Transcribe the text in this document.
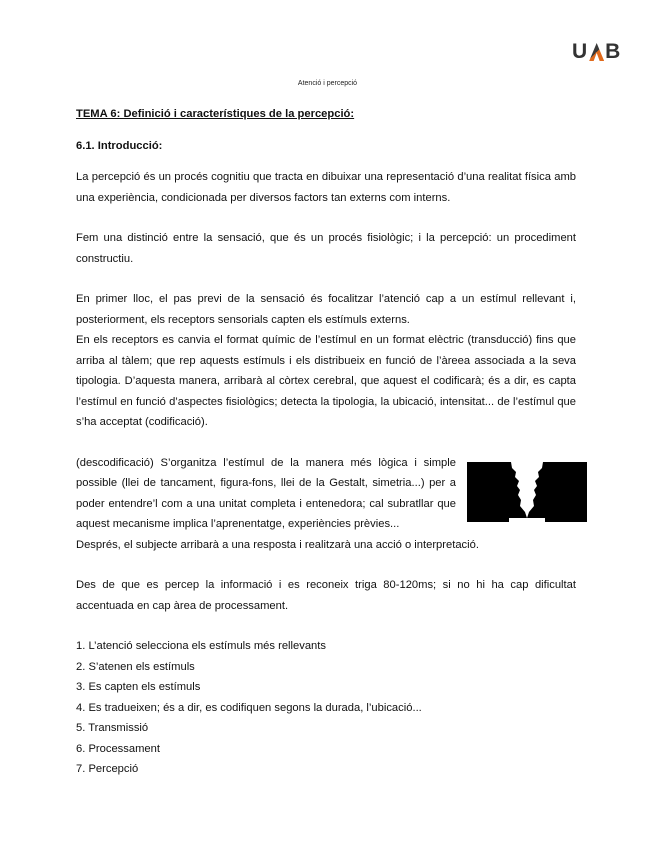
U B
Atenció i percepció

TEMA 6: Definició i característiques de la percepció:

6.1. Introducció:

La percepció és un procés cognitiu que tracta en dibuixar una representació d’una realitat física amb una experiència, condicionada per diversos factors tan externs com interns.

Fem una distinció entre la sensació, que és un procés fisiològic; i la percepció: un procediment constructiu.

En primer lloc, el pas previ de la sensació és focalitzar l’atenció cap a un estímul rellevant i, posteriorment, els receptors sensorials capten els estímuls externs.

En els receptors es canvia el format químic de l’estímul en un format elèctric (transducció) fins que arriba al tàlem; que rep aquests estímuls i els distribueix en funció de l’àreea associada a la seva tipologia. D’aquesta manera, arribarà al còrtex cerebral, que aquest el codificarà; és a dir, es capta l’estímul en funció d’aspectes fisiològics; detecta la tipologia, la ubicació, intensitat... de l’estímul que s’ha acceptat (codificació).

(descodificació) S’organitza l’estímul de la manera més lògica i simple possible (llei de tancament, figura-fons, llei de la Gestalt, simetria...) per a poder entendre’l com a una unitat completa i entenedora; cal subratllar que aquest mecanisme implica l’aprenentatge, experiències prèvies...

Després, el subjecte arribarà a una resposta i realitzarà una acció o interpretació.

Des de que es percep la informació i es reconeix triga 80-120ms; si no hi ha cap dificultat accentuada en cap àrea de processament.

1. L’atenció selecciona els estímuls més rellevants
2. S’atenen els estímuls
3. Es capten els estímuls
4. Es tradueixen; és a dir, es codifiquen segons la durada, l’ubicació...
5. Transmissió
6. Processament
7. Percepció
